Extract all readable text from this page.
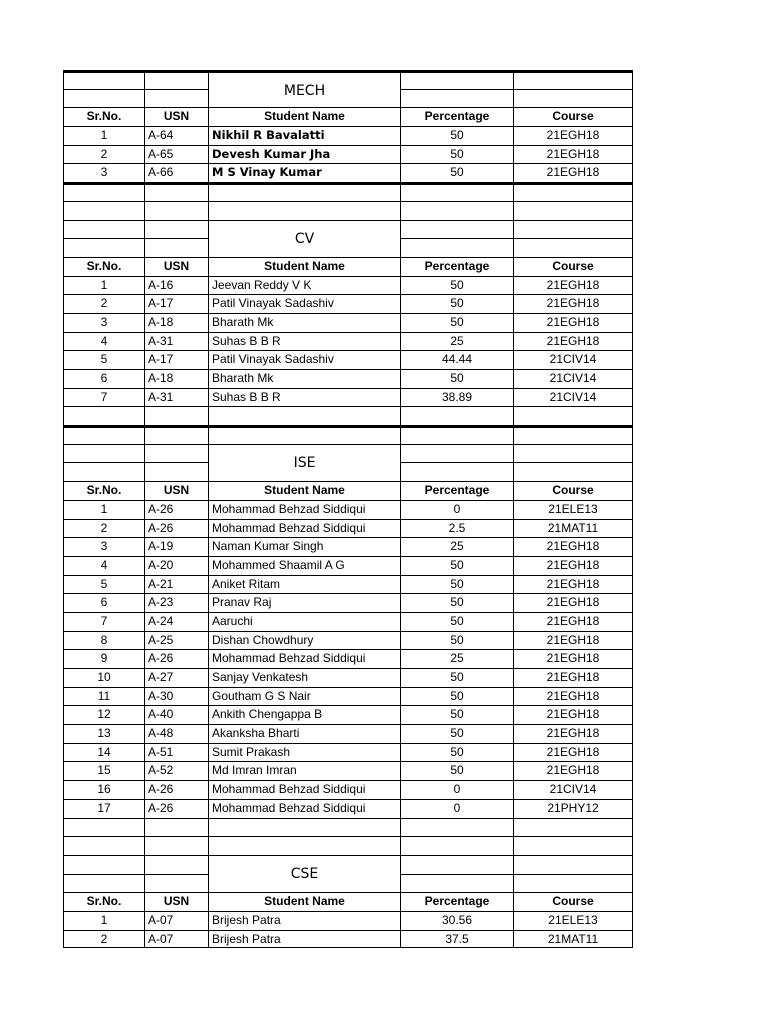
MECH
Sr.No.	USN	Student Name	Percentage	Course
1	A-64	Nikhil R Bavalatti	50	21EGH18
2	A-65	Devesh Kumar Jha	50	21EGH18
3	A-66	M S Vinay Kumar	50	21EGH18
CV
Sr.No.	USN	Student Name	Percentage	Course
1	A-16	Jeevan Reddy V K	50	21EGH18
2	A-17	Patil Vinayak Sadashiv	50	21EGH18
3	A-18	Bharath Mk	50	21EGH18
4	A-31	Suhas B B R	25	21EGH18
5	A-17	Patil Vinayak Sadashiv	44.44	21CIV14
6	A-18	Bharath Mk	50	21CIV14
7	A-31	Suhas B B R	38.89	21CIV14
ISE
Sr.No.	USN	Student Name	Percentage	Course
1	A-26	Mohammad Behzad Siddiqui	0	21ELE13
2	A-26	Mohammad Behzad Siddiqui	2.5	21MAT11
3	A-19	Naman Kumar Singh	25	21EGH18
4	A-20	Mohammed Shaamil A G	50	21EGH18
5	A-21	Aniket Ritam	50	21EGH18
6	A-23	Pranav Raj	50	21EGH18
7	A-24	Aaruchi	50	21EGH18
8	A-25	Dishan Chowdhury	50	21EGH18
9	A-26	Mohammad Behzad Siddiqui	25	21EGH18
10	A-27	Sanjay Venkatesh	50	21EGH18
11	A-30	Goutham G S Nair	50	21EGH18
12	A-40	Ankith Chengappa B	50	21EGH18
13	A-48	Akanksha Bharti	50	21EGH18
14	A-51	Sumit Prakash	50	21EGH18
15	A-52	Md Imran Imran	50	21EGH18
16	A-26	Mohammad Behzad Siddiqui	0	21CIV14
17	A-26	Mohammad Behzad Siddiqui	0	21PHY12
CSE
Sr.No.	USN	Student Name	Percentage	Course
1	A-07	Brijesh Patra	30.56	21ELE13
2	A-07	Brijesh Patra	37.5	21MAT11
